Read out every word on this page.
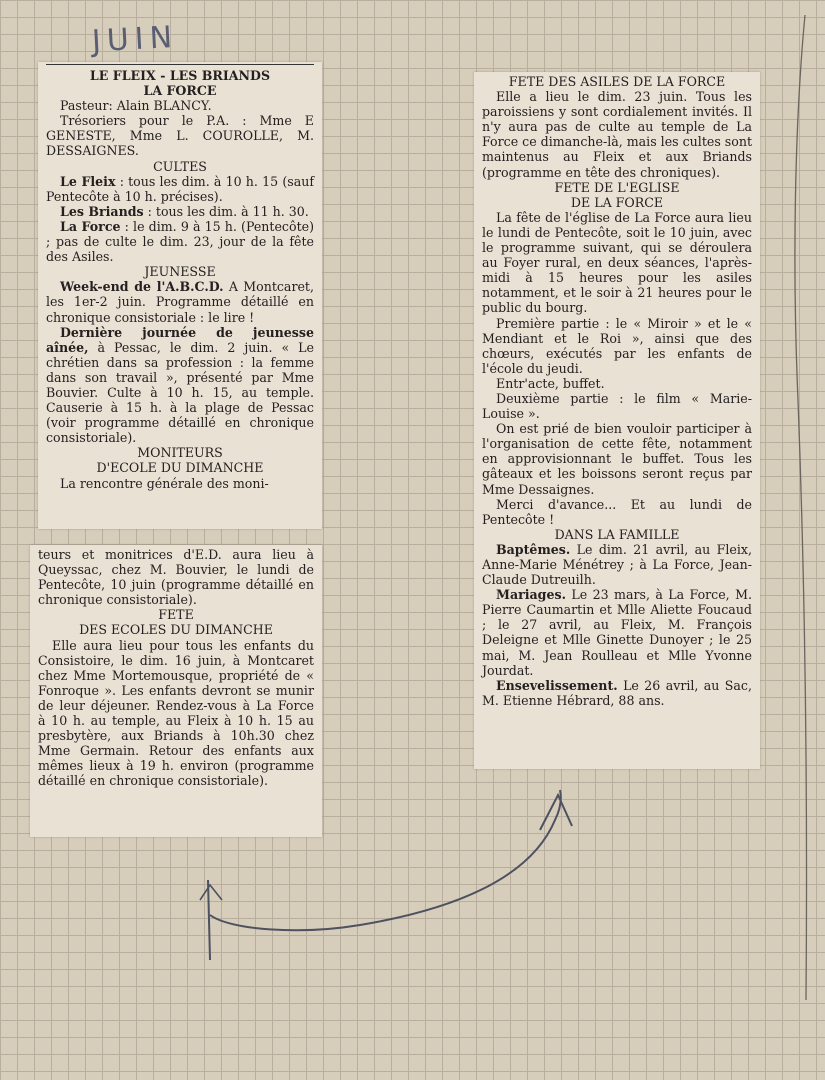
JUIN

LE FLEIX - LES BRIANDS

LA FORCE

Pasteur: Alain BLANCY.

Trésoriers pour le P.A. : Mme E GENESTE, Mme L. COUROLLE, M. DESSAIGNES.

CULTES

Le Fleix : tous les dim. à 10 h. 15 (sauf Pentecôte à 10 h. précises).

Les Briands : tous les dim. à 11 h. 30.

La Force : le dim. 9 à 15 h. (Pentecôte) ; pas de culte le dim. 23, jour de la fête des Asiles.

JEUNESSE

Week-end de l'A.B.C.D. A Montcaret, les 1er-2 juin. Programme détaillé en chronique consistoriale : le lire !

Dernière journée de jeunesse aînée, à Pessac, le dim. 2 juin. « Le chrétien dans sa profession : la femme dans son travail », présenté par Mme Bouvier. Culte à 10 h. 15, au temple. Causerie à 15 h. à la plage de Pessac (voir programme détaillé en chronique consistoriale).

MONITEURS

D'ECOLE DU DIMANCHE

La rencontre générale des moni-

teurs et monitrices d'E.D. aura lieu à Queyssac, chez M. Bouvier, le lundi de Pentecôte, 10 juin (programme détaillé en chronique consistoriale).

FETE

DES ECOLES DU DIMANCHE

Elle aura lieu pour tous les enfants du Consistoire, le dim. 16 juin, à Montcaret chez Mme Mortemousque, propriété de « Fonroque ». Les enfants devront se munir de leur déjeuner. Rendez-vous à La Force à 10 h. au temple, au Fleix à 10 h. 15 au presbytère, aux Briands à 10h.30 chez Mme Germain. Retour des enfants aux mêmes lieux à 19 h. environ (programme détaillé en chronique consistoriale).

FETE DES ASILES DE LA FORCE

Elle a lieu le dim. 23 juin. Tous les paroissiens y sont cordialement invités. Il n'y aura pas de culte au temple de La Force ce dimanche-là, mais les cultes sont maintenus au Fleix et aux Briands (programme en tête des chroniques).

FETE DE L'EGLISE

DE LA FORCE

La fête de l'église de La Force aura lieu le lundi de Pentecôte, soit le 10 juin, avec le programme suivant, qui se déroulera au Foyer rural, en deux séances, l'après-midi à 15 heures pour les asiles notamment, et le soir à 21 heures pour le public du bourg.

Première partie : le « Miroir » et le « Mendiant et le Roi », ainsi que des chœurs, exécutés par les enfants de l'école du jeudi.

Entr'acte, buffet.

Deuxième partie : le film « Marie-Louise ».

On est prié de bien vouloir participer à l'organisation de cette fête, notamment en approvisionnant le buffet. Tous les gâteaux et les boissons seront reçus par Mme Dessaignes.

Merci d'avance... Et au lundi de Pentecôte !

DANS LA FAMILLE

Baptêmes. Le dim. 21 avril, au Fleix, Anne-Marie Ménétrey ; à La Force, Jean-Claude Dutreuilh.

Mariages. Le 23 mars, à La Force, M. Pierre Caumartin et Mlle Aliette Foucaud ; le 27 avril, au Fleix, M. François Deleigne et Mlle Ginette Dunoyer ; le 25 mai, M. Jean Roulleau et Mlle Yvonne Jourdat.

Ensevelissement. Le 26 avril, au Sac, M. Etienne Hébrard, 88 ans.
